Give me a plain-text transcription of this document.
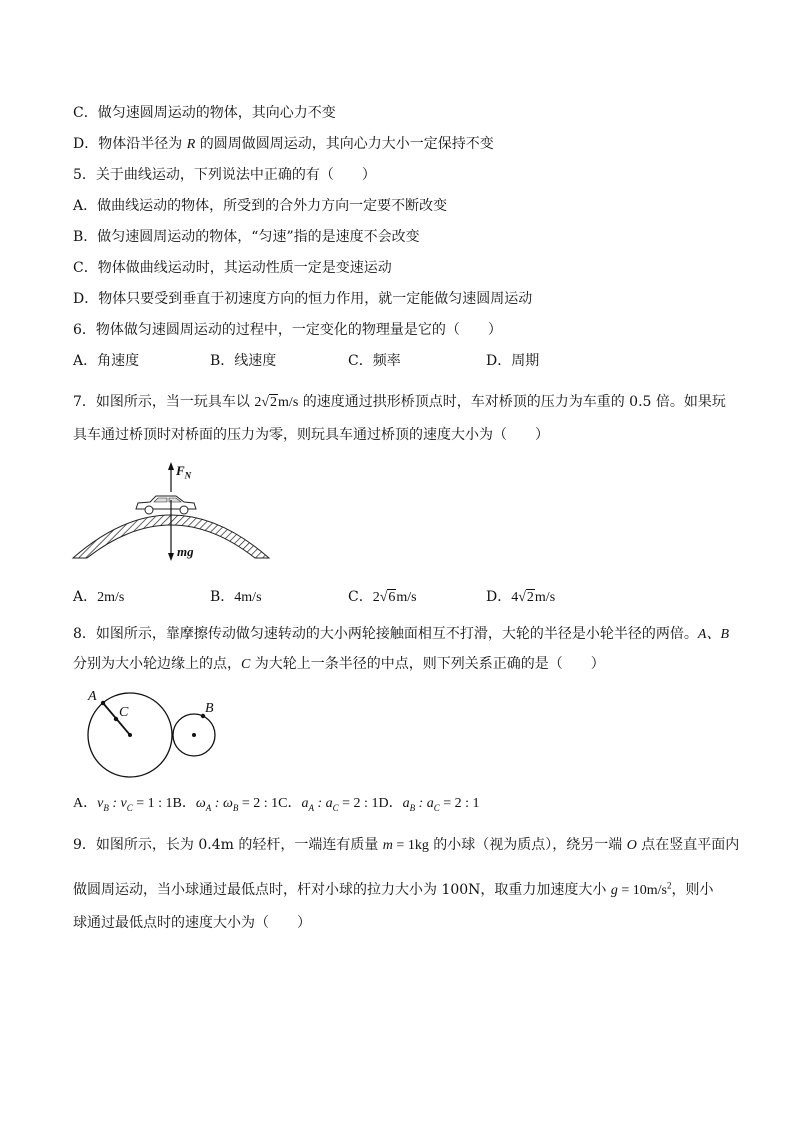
C．做匀速圆周运动的物体，其向心力不变
D．物体沿半径为 R 的圆周做圆周运动，其向心力大小一定保持不变
5．关于曲线运动，下列说法中正确的有（　　）
A．做曲线运动的物体，所受到的合外力方向一定要不断改变
B．做匀速圆周运动的物体，“匀速”指的是速度不会改变
C．物体做曲线运动时，其运动性质一定是变速运动
D．物体只要受到垂直于初速度方向的恒力作用，就一定能做匀速圆周运动
6．物体做匀速圆周运动的过程中，一定变化的物理量是它的（　　）
A．角速度	B．线速度	C．频率	D．周期
7．如图所示，当一玩具车以 2√2m/s 的速度通过拱形桥顶点时，车对桥顶的压力为车重的 0.5 倍。如果玩
具车通过桥顶时对桥面的压力为零，则玩具车通过桥顶的速度大小为（　　）
$F_N$
mg
A．2m/s	B．4m/s	C．2√6m/s	D．4√2m/s
8．如图所示，靠摩擦传动做匀速转动的大小两轮接触面相互不打滑，大轮的半径是小轮半径的两倍。A、B
分别为大小轮边缘上的点，C 为大轮上一条半径的中点，则下列关系正确的是（　　）
A
C	B
A．$v_B$ : $v_C = 1$ : 1B．$\omega_A$ : $\omega_B = 2$ : 1C．$a_A$ : $a_C = 2$ : 1D．$a_B$ : $a_C = 2$ : 1
9．如图所示，长为 0.4m 的轻杆，一端连有质量 m = 1kg 的小球（视为质点），绕另一端 O 点在竖直平面内
做圆周运动，当小球通过最低点时，杆对小球的拉力大小为 100N，取重力加速度大小 $g = 10m/s^2$，则小
球通过最低点时的速度大小为（　　）
